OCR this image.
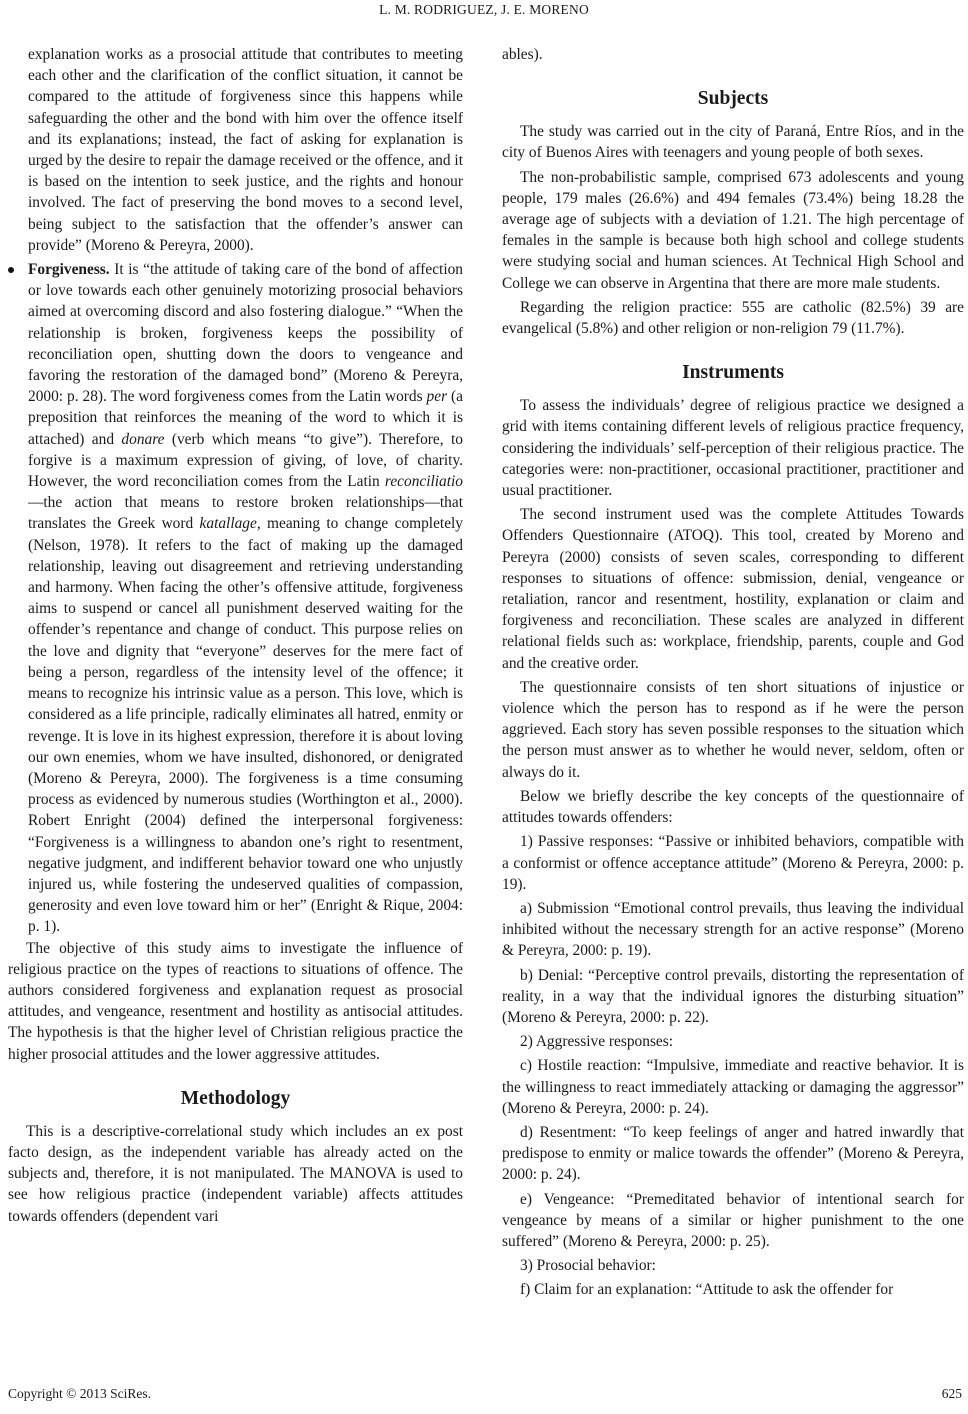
L. M. RODRIGUEZ, J. E. MORENO

explanation works as a prosocial attitude that contributes to meeting each other and the clarification of the conflict situation, it cannot be compared to the attitude of forgiveness since this happens while safeguarding the other and the bond with him over the offence itself and its explanations; instead, the fact of asking for explanation is urged by the desire to repair the damage received or the offence, and it is based on the intention to seek justice, and the rights and honour involved. The fact of preserving the bond moves to a second level, being subject to the satisfaction that the offender’s answer can provide” (Moreno & Pereyra, 2000).

Forgiveness. It is “the attitude of taking care of the bond of affection or love towards each other genuinely motorizing prosocial behaviors aimed at overcoming discord and also fostering dialogue.” “When the relationship is broken, forgiveness keeps the possibility of reconciliation open, shutting down the doors to vengeance and favoring the restoration of the damaged bond” (Moreno & Pereyra, 2000: p. 28). The word forgiveness comes from the Latin words per (a preposition that reinforces the meaning of the word to which it is attached) and donare (verb which means “to give”). Therefore, to forgive is a maximum expression of giving, of love, of charity. However, the word reconciliation comes from the Latin reconciliatio—the action that means to restore broken relationships—that translates the Greek word katallage, meaning to change completely (Nelson, 1978). It refers to the fact of making up the damaged relationship, leaving out disagreement and retrieving understanding and harmony. When facing the other’s offensive attitude, forgiveness aims to suspend or cancel all punishment deserved waiting for the offender’s repentance and change of conduct. This purpose relies on the love and dignity that “everyone” deserves for the mere fact of being a person, regardless of the intensity level of the offence; it means to recognize his intrinsic value as a person. This love, which is considered as a life principle, radically eliminates all hatred, enmity or revenge. It is love in its highest expression, therefore it is about loving our own enemies, whom we have insulted, dishonored, or denigrated (Moreno & Pereyra, 2000). The forgiveness is a time consuming process as evidenced by numerous studies (Worthington et al., 2000). Robert Enright (2004) defined the interpersonal forgiveness: “Forgiveness is a willingness to abandon one’s right to resentment, negative judgment, and indifferent behavior toward one who unjustly injured us, while fostering the undeserved qualities of compassion, generosity and even love toward him or her” (Enright & Rique, 2004: p. 1).

The objective of this study aims to investigate the influence of religious practice on the types of reactions to situations of offence. The authors considered forgiveness and explanation request as prosocial attitudes, and vengeance, resentment and hostility as antisocial attitudes. The hypothesis is that the higher level of Christian religious practice the higher prosocial attitudes and the lower aggressive attitudes.

Methodology

This is a descriptive-correlational study which includes an ex post facto design, as the independent variable has already acted on the subjects and, therefore, it is not manipulated. The MANOVA is used to see how religious practice (independent variable) affects attitudes towards offenders (dependent vari

ables).

Subjects

The study was carried out in the city of Paraná, Entre Ríos, and in the city of Buenos Aires with teenagers and young people of both sexes.

The non-probabilistic sample, comprised 673 adolescents and young people, 179 males (26.6%) and 494 females (73.4%) being 18.28 the average age of subjects with a deviation of 1.21. The high percentage of females in the sample is because both high school and college students were studying social and human sciences. At Technical High School and College we can observe in Argentina that there are more male students.

Regarding the religion practice: 555 are catholic (82.5%) 39 are evangelical (5.8%) and other religion or non-religion 79 (11.7%).

Instruments

To assess the individuals’ degree of religious practice we designed a grid with items containing different levels of religious practice frequency, considering the individuals’ self-perception of their religious practice. The categories were: non-practitioner, occasional practitioner, practitioner and usual practitioner.

The second instrument used was the complete Attitudes Towards Offenders Questionnaire (ATOQ). This tool, created by Moreno and Pereyra (2000) consists of seven scales, corresponding to different responses to situations of offence: submission, denial, vengeance or retaliation, rancor and resentment, hostility, explanation or claim and forgiveness and reconciliation. These scales are analyzed in different relational fields such as: workplace, friendship, parents, couple and God and the creative order.

The questionnaire consists of ten short situations of injustice or violence which the person has to respond as if he were the person aggrieved. Each story has seven possible responses to the situation which the person must answer as to whether he would never, seldom, often or always do it.

Below we briefly describe the key concepts of the questionnaire of attitudes towards offenders:

1) Passive responses: “Passive or inhibited behaviors, compatible with a conformist or offence acceptance attitude” (Moreno & Pereyra, 2000: p. 19).

a) Submission “Emotional control prevails, thus leaving the individual inhibited without the necessary strength for an active response” (Moreno & Pereyra, 2000: p. 19).

b) Denial: “Perceptive control prevails, distorting the representation of reality, in a way that the individual ignores the disturbing situation” (Moreno & Pereyra, 2000: p. 22).

2) Aggressive responses:

c) Hostile reaction: “Impulsive, immediate and reactive behavior. It is the willingness to react immediately attacking or damaging the aggressor” (Moreno & Pereyra, 2000: p. 24).

d) Resentment: “To keep feelings of anger and hatred inwardly that predispose to enmity or malice towards the offender” (Moreno & Pereyra, 2000: p. 24).

e) Vengeance: “Premeditated behavior of intentional search for vengeance by means of a similar or higher punishment to the one suffered” (Moreno & Pereyra, 2000: p. 25).

3) Prosocial behavior:

f) Claim for an explanation: “Attitude to ask the offender for

Copyright © 2013 SciRes.	625
